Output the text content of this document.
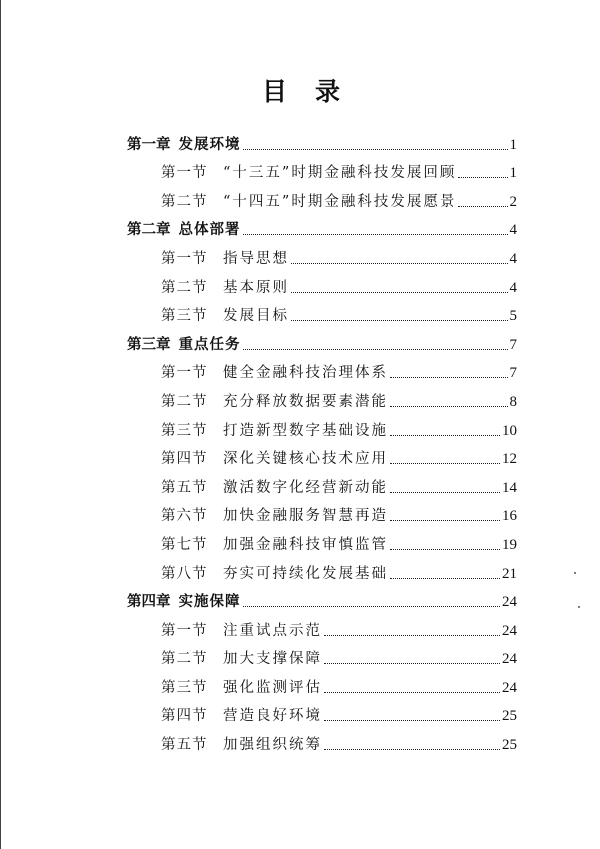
目录
第一章 发展环境	1
第一节	“十三五”时期金融科技发展回顾	1
第二节	“十四五”时期金融科技发展愿景	2
第二章 总体部署	4
第一节	指导思想	4
第二节	基本原则	4
第三节	发展目标	5
第三章 重点任务	7
第一节	健全金融科技治理体系	7
第二节	充分释放数据要素潜能	8
第三节	打造新型数字基础设施	10
第四节	深化关键核心技术应用	12
第五节	激活数字化经营新动能	14
第六节	加快金融服务智慧再造	16
第七节	加强金融科技审慎监管	19
第八节	夯实可持续化发展基础	21
第四章 实施保障	24
第一节	注重试点示范	24
第二节	加大支撑保障	24
第三节	强化监测评估	24
第四节	营造良好环境	25
第五节	加强组织统筹	25
